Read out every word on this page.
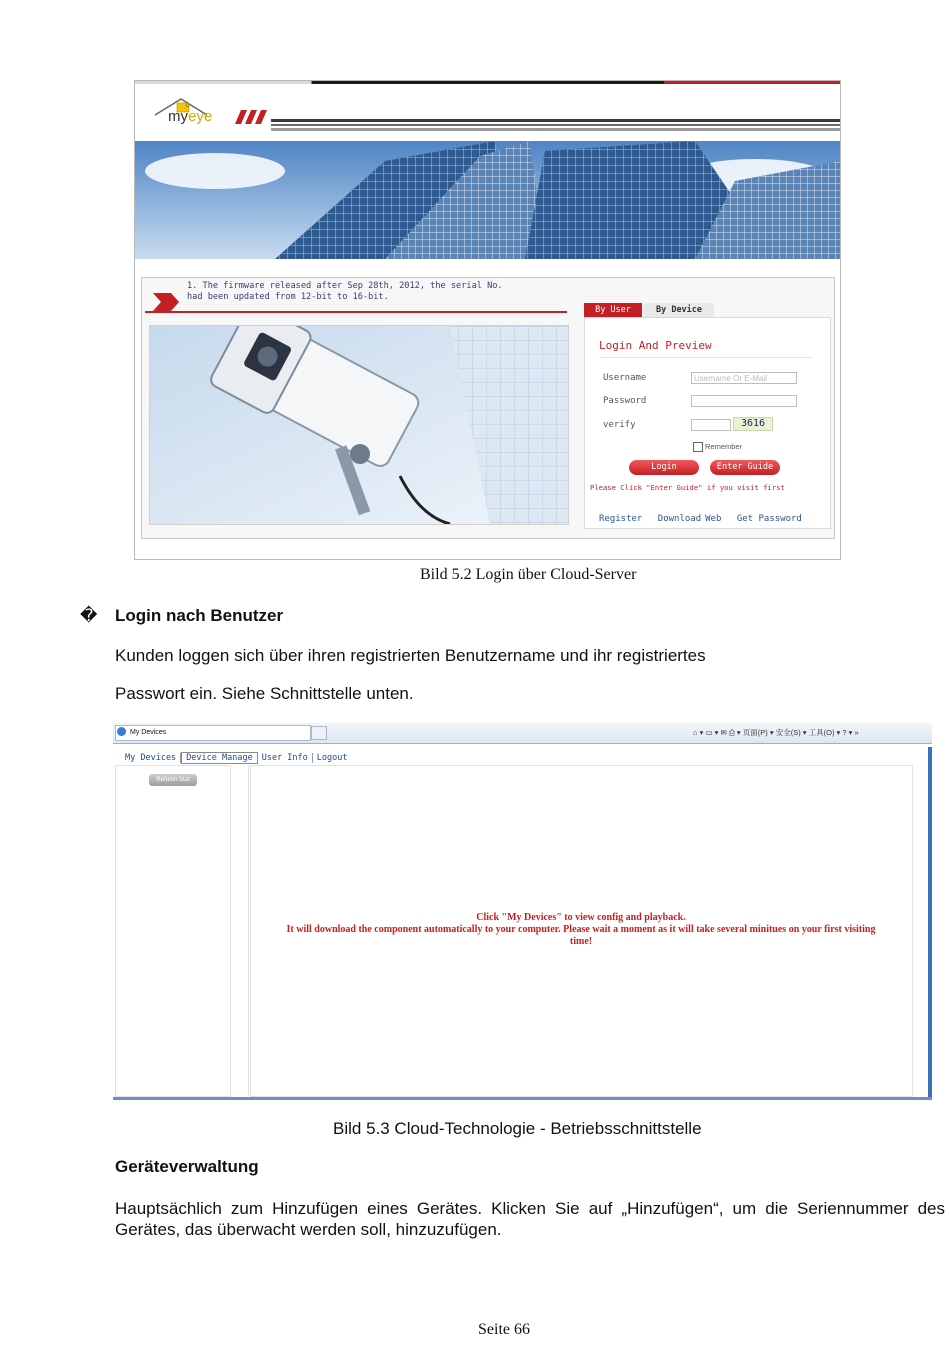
c
myeye
1. The firmware released after Sep 28th, 2012, the serial No.
had been updated from 12-bit to 16-bit.
By User	By Device
Login And Preview
Username	Username Or E-Mail
Password
verify	3616
Remember
Login	Enter Guide
Please Click "Enter Guide" if you visit first
Register Download Web Get Password
Bild 5.2 Login über Cloud-Server
� Login nach Benutzer
Kunden loggen sich über ihren registrierten Benutzername und ihr registriertes
Passwort ein. Siehe Schnittstelle unten.
My Devices	⌂ ▾ ▭ ▾ ✉ ⎙ ▾ 页面(P) ▾ 安全(S) ▾ 工具(O) ▾ ? ▾ »
My Devices Device Manage User Info Logout
Refresh Stat
Click "My Devices" to view config and playback.
It will download the component automatically to your computer. Please wait a moment as it will take several minitues on your first visiting
time!
Bild 5.3 Cloud-Technologie - Betriebsschnittstelle
Geräteverwaltung
Hauptsächlich zum Hinzufügen eines Gerätes. Klicken Sie auf „Hinzufügen“, um die Seriennummer des Gerätes, das überwacht werden soll, hinzuzufügen.
Seite 66
